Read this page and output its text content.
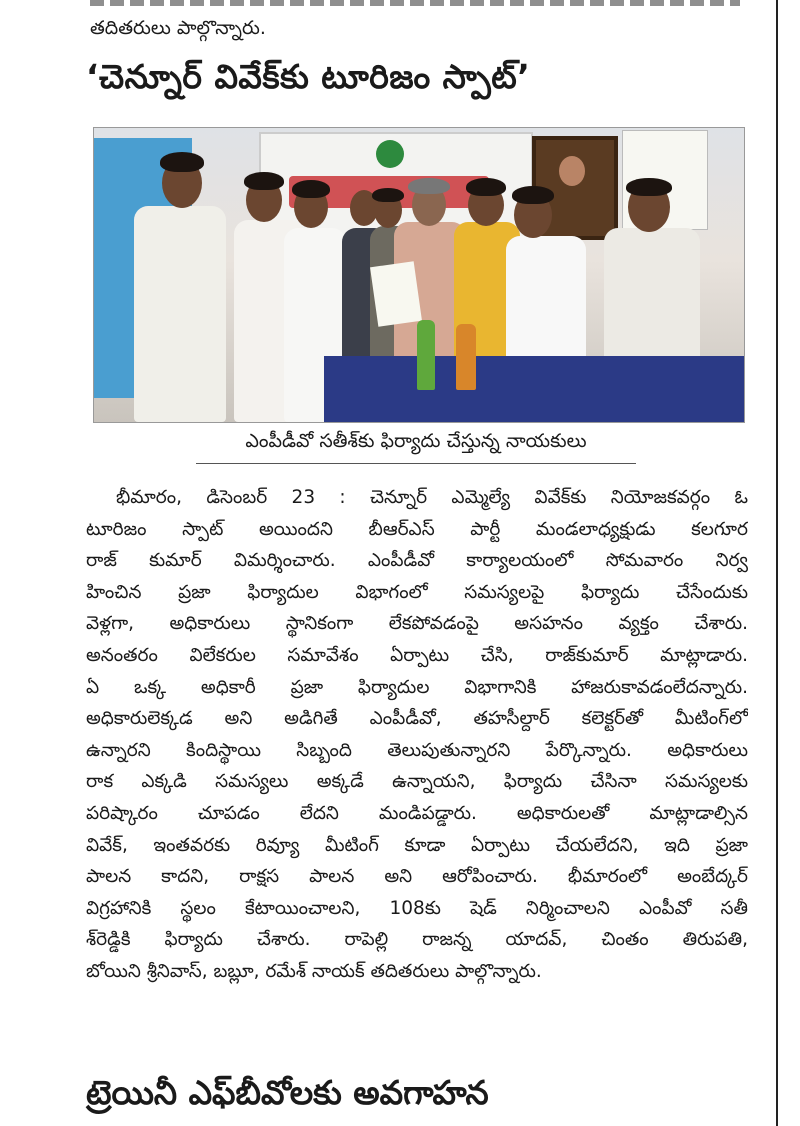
తదితరులు పాల్గొన్నారు.
‘చెన్నూర్ వివేక్‌కు టూరిజం స్పాట్’
ఎంపీడీవో సతీశ్‌కు ఫిర్యాదు చేస్తున్న నాయకులు
భీమారం, డిసెంబర్ 23 : చెన్నూర్ ఎమ్మెల్యే వివేక్‌కు నియోజకవర్గం ఓ
టూరిజం స్పాట్ అయిందని బీఆర్‌ఎస్ పార్టీ మండలాధ్యక్షుడు కలగూర
రాజ్ కుమార్ విమర్శించారు. ఎంపీడీవో కార్యాలయంలో సోమవారం నిర్వ
హించిన ప్రజా ఫిర్యాదుల విభాగంలో సమస్యలపై ఫిర్యాదు చేసేందుకు
వెళ్లగా, అధికారులు స్థానికంగా లేకపోవడంపై అసహనం వ్యక్తం చేశారు.
అనంతరం విలేకరుల సమావేశం ఏర్పాటు చేసి, రాజ్‌కుమార్ మాట్లాడారు.
ఏ ఒక్క అధికారీ ప్రజా ఫిర్యాదుల విభాగానికి హాజరుకావడంలేదన్నారు.
అధికారులెక్కడ అని అడిగితే ఎంపీడీవో, తహసీల్దార్ కలెక్టర్‌తో మీటింగ్‌లో
ఉన్నారని కిందిస్థాయి సిబ్బంది తెలుపుతున్నారని పేర్కొన్నారు. అధికారులు
రాక ఎక్కడి సమస్యలు అక్కడే ఉన్నాయని, ఫిర్యాదు చేసినా సమస్యలకు
పరిష్కారం చూపడం లేదని మండిపడ్డారు. అధికారులతో మాట్లాడాల్సిన
వివేక్, ఇంతవరకు రివ్యూ మీటింగ్ కూడా ఏర్పాటు చేయలేదని, ఇది ప్రజా
పాలన కాదని, రాక్షస పాలన అని ఆరోపించారు. భీమారంలో అంబేద్కర్
విగ్రహానికి స్థలం కేటాయించాలని, 108కు షెడ్ నిర్మించాలని ఎంపీవో సతీ
శ్‌రెడ్డికి ఫిర్యాదు చేశారు. రాపెల్లి రాజన్న యాదవ్, చింతం తిరుపతి,
బోయిని శ్రీనివాస్, బబ్లూ, రమేశ్ నాయక్ తదితరులు పాల్గొన్నారు.
ట్రెయినీ ఎఫ్‌బీవోలకు అవగాహన
